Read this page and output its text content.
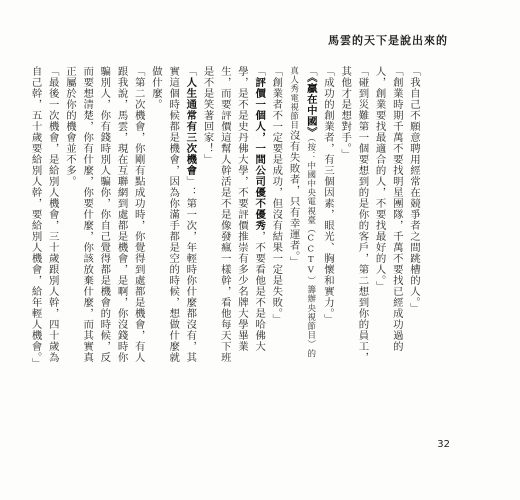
馬雲的天下是說出來的

「我自己不願意聘用經常在競爭者之間跳槽的人。」

「創業時期千萬不要找明星團隊，千萬不要找已經成功過的人，創業要找最適合的人，不要找最好的人。」

「碰到災難第一個要想到的是你的客戶，第二想到你的員工，其他才是想對手。」

「成功的創業者，有三個因素，眼光、胸懷和實力。」

「《贏在中國》（按：中國中央電視臺（CCTV）籌辦央視節目）的真人秀電視節目沒有失敗者，只有幸運者。」

「創業者不一定要是成功，但沒有結果一定是失敗。」

「評價一個人，一間公司優不優秀，不要看他是不是哈佛大學，是不是史丹佛大學，不要評價推崇有多少名牌大學畢業生，而要評價這幫人幹活是不是像發瘋一樣幹，看他每天下班是不是笑著回家！」

「人生通常有三次機會」：第一次，年輕時你什麼都沒有，其實這個時候都是機會，因為你滿手都是空的時候，想做什麼就做什麼。

「第二次機會，你剛有點成功時，你覺得到處都是機會，有人跟我說，馬雲，現在互聯網到處都是機會，是啊，你沒錢時你騙別人，你有錢時別人騙你，你自己覺得都是機會的時候，反而要想清楚，你有什麼，你要什麼，你該放棄什麼，而其實真正屬於你的機會並不多。

「最後一次機會，是給別人機會，三十歲跟別人幹，四十歲為自己幹，五十歲要給別人幹，要給別人機會，給年輕人機會。」

32
